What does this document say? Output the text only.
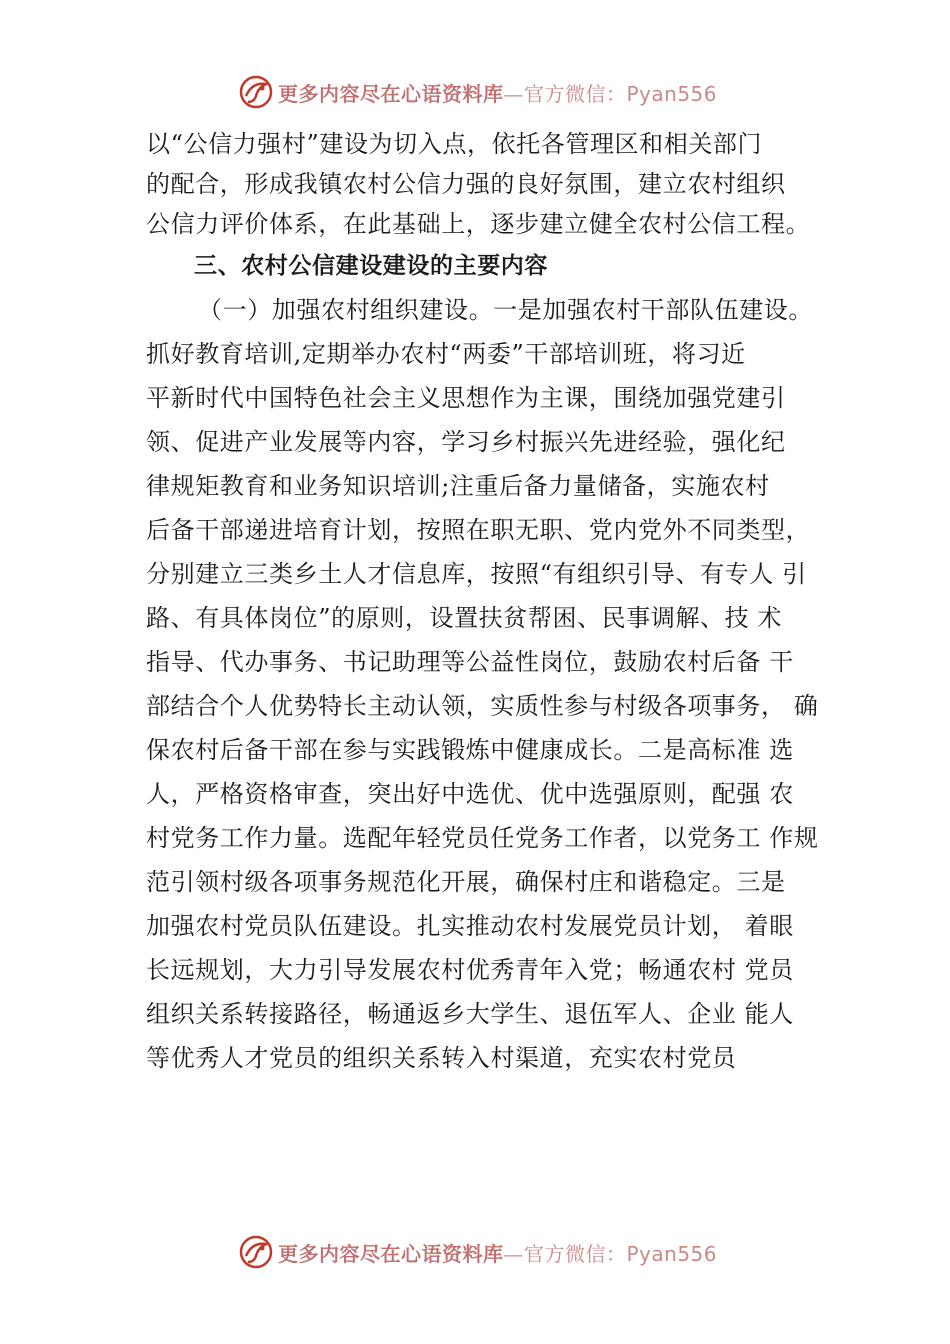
更多内容尽在心语资料库—官方微信：Pyan556
以“公信力强村”建设为切入点，依托各管理区和相关部门
的配合，形成我镇农村公信力强的良好氛围，建立农村组织
公信力评价体系，在此基础上，逐步建立健全农村公信工程。
三、农村公信建设建设的主要内容
（一）加强农村组织建设。一是加强农村干部队伍建设。
抓好教育培训,定期举办农村“两委”干部培训班，将习近
平新时代中国特色社会主义思想作为主课，围绕加强党建引
领、促进产业发展等内容，学习乡村振兴先进经验，强化纪
律规矩教育和业务知识培训;注重后备力量储备，实施农村
后备干部递进培育计划，按照在职无职、党内党外不同类型，
分别建立三类乡土人才信息库，按照“有组织引导、有专人 引
路、有具体岗位”的原则，设置扶贫帮困、民事调解、技 术
指导、代办事务、书记助理等公益性岗位，鼓励农村后备 干
部结合个人优势特长主动认领，实质性参与村级各项事务， 确
保农村后备干部在参与实践锻炼中健康成长。二是高标准 选
人，严格资格审查，突出好中选优、优中选强原则，配强 农
村党务工作力量。选配年轻党员任党务工作者，以党务工 作规
范引领村级各项事务规范化开展，确保村庄和谐稳定。三是
加强农村党员队伍建设。扎实推动农村发展党员计划， 着眼
长远规划，大力引导发展农村优秀青年入党；畅通农村 党员
组织关系转接路径，畅通返乡大学生、退伍军人、企业 能人
等优秀人才党员的组织关系转入村渠道，充实农村党员
更多内容尽在心语资料库—官方微信：Pyan556
